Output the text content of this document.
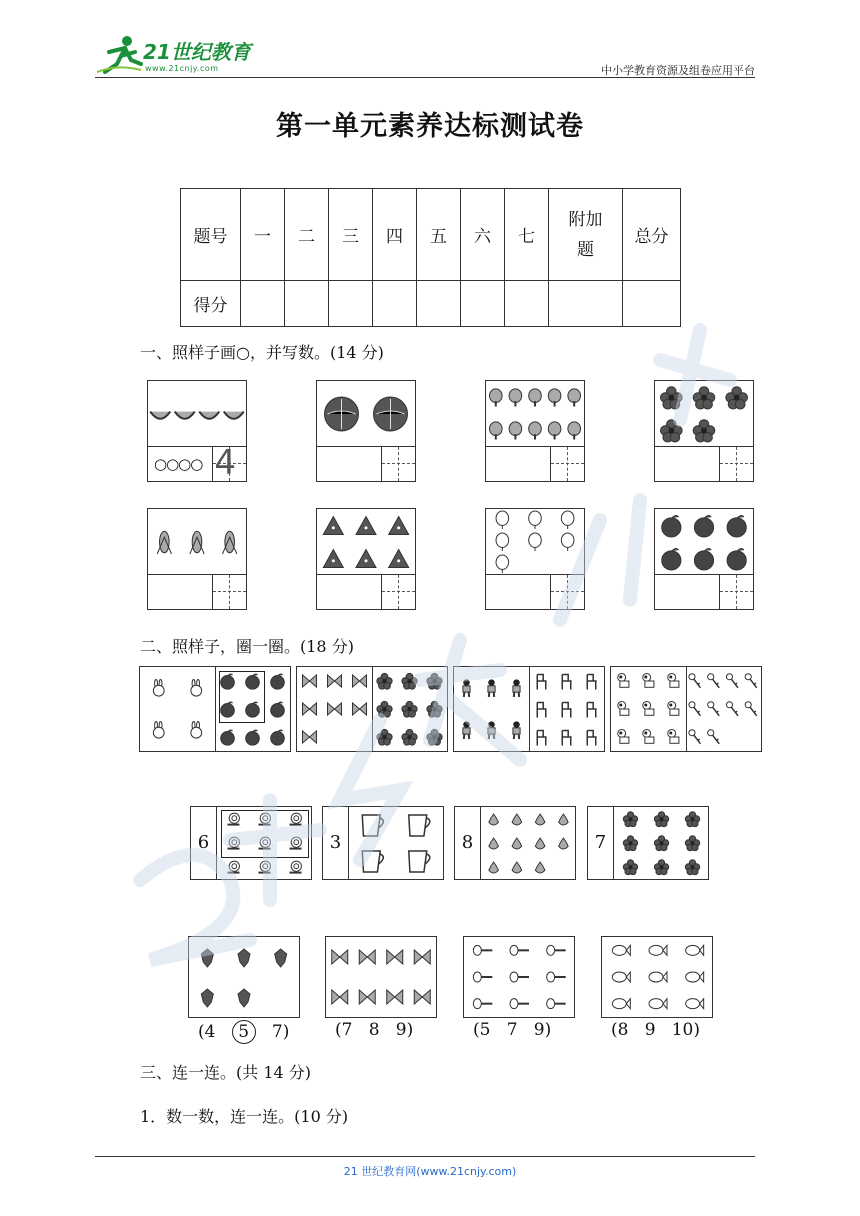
21世纪教育
www.21cnjy.com	中小学教育资源及组卷应用平台
第一单元素养达标测试卷
题号	一	二	三	四	五	六	七	附加题	总分
得分									
一、照样子画○，并写数。(14 分)
○○○○ 4
二、照样子，圈一圈。(18 分)
6	3	8	7
(4 5 7)	(7 8 9)	(5 7 9)	(8 9 10)
三、连一连。(共 14 分)
1．数一数，连一连。(10 分)
21 世纪教育网(www.21cnjy.com)
